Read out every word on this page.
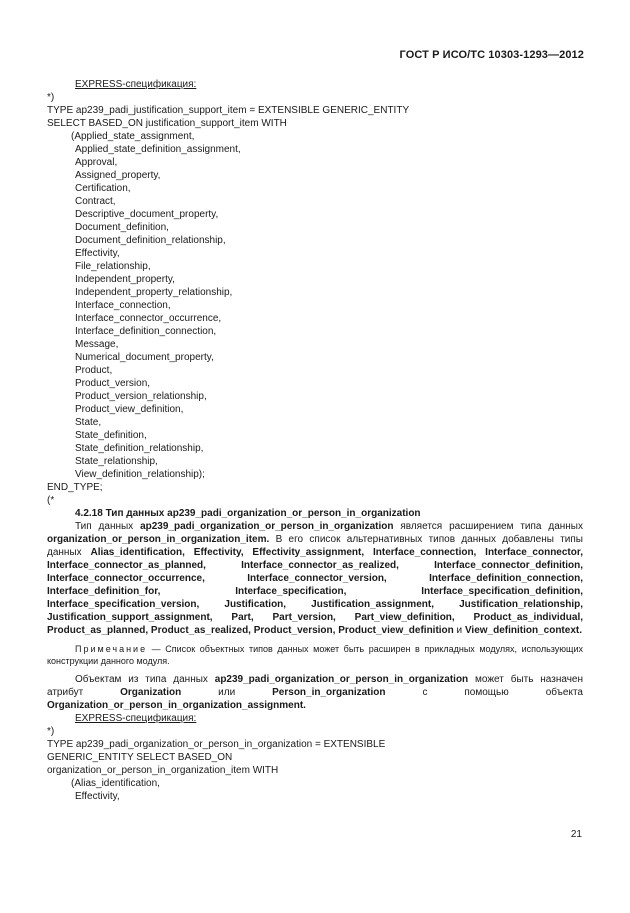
ГОСТ Р ИСО/ТС 10303-1293—2012
EXPRESS-спецификация:
*)
TYPE ap239_padi_justification_support_item = EXTENSIBLE GENERIC_ENTITY
SELECT BASED_ON justification_support_item WITH
(Applied_state_assignment,
Applied_state_definition_assignment,
Approval,
Assigned_property,
Certification,
Contract,
Descriptive_document_property,
Document_definition,
Document_definition_relationship,
Effectivity,
File_relationship,
Independent_property,
Independent_property_relationship,
Interface_connection,
Interface_connector_occurrence,
Interface_definition_connection,
Message,
Numerical_document_property,
Product,
Product_version,
Product_version_relationship,
Product_view_definition,
State,
State_definition,
State_definition_relationship,
State_relationship,
View_definition_relationship);
END_TYPE;
(*
4.2.18 Тип данных ap239_padi_organization_or_person_in_organization
Тип данных ap239_padi_organization_or_person_in_organization является расширением типа данных organization_or_person_in_organization_item. В его список альтернативных типов данных добавлены типы данных Alias_identification, Effectivity, Effectivity_assignment, Interface_connection, Interface_connector, Interface_connector_as_planned, Interface_connector_as_realized, Interface_connector_definition, Interface_connector_occurrence, Interface_connector_version, Interface_definition_connection, Interface_definition_for, Interface_specification, Interface_specification_definition, Interface_specification_version, Justification, Justification_assignment, Justification_relationship, Justification_support_assignment, Part, Part_version, Part_view_definition, Product_as_individual, Product_as_planned, Product_as_realized, Product_version, Product_view_definition и View_definition_context.
Примечание — Список объектных типов данных может быть расширен в прикладных модулях, использующих конструкции данного модуля.
Объектам из типа данных ap239_padi_organization_or_person_in_organization может быть назначен атрибут Organization или Person_in_organization с помощью объекта Organization_or_person_in_organization_assignment.
EXPRESS-спецификация:
*)
TYPE ap239_padi_organization_or_person_in_organization = EXTENSIBLE
GENERIC_ENTITY SELECT BASED_ON
organization_or_person_in_organization_item WITH
(Alias_identification,
Effectivity,
21
